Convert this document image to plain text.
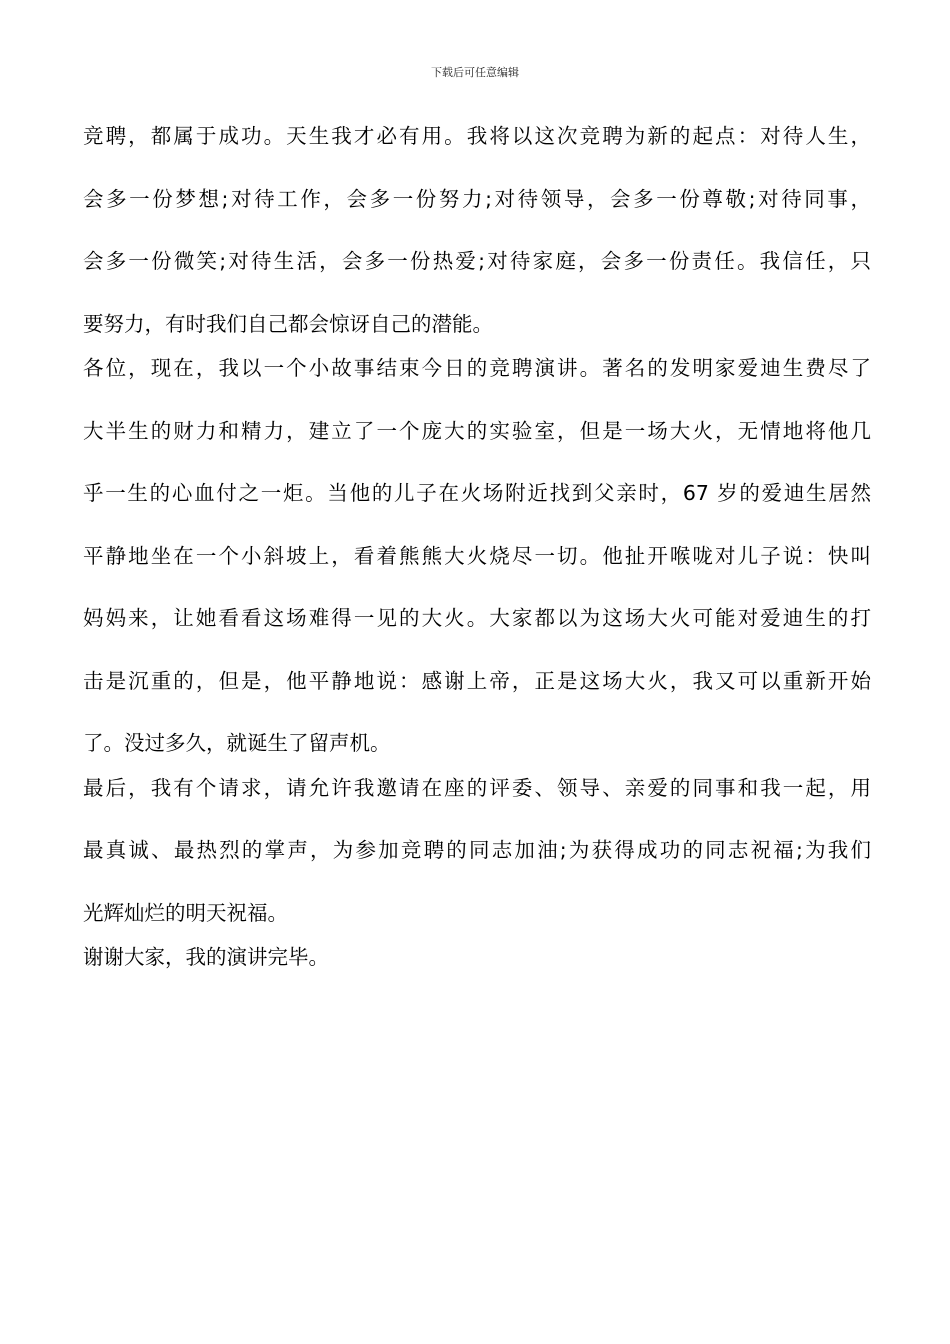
下载后可任意编辑
竞聘，都属于成功。天生我才必有用。我将以这次竞聘为新的起点：对待人生，
会多一份梦想;对待工作，会多一份努力;对待领导，会多一份尊敬;对待同事，
会多一份微笑;对待生活，会多一份热爱;对待家庭，会多一份责任。我信任，只
要努力，有时我们自己都会惊讶自己的潜能。
各位，现在，我以一个小故事结束今日的竞聘演讲。著名的发明家爱迪生费尽了
大半生的财力和精力，建立了一个庞大的实验室，但是一场大火，无情地将他几
乎一生的心血付之一炬。当他的儿子在火场附近找到父亲时，67 岁的爱迪生居然
平静地坐在一个小斜坡上，看着熊熊大火烧尽一切。他扯开喉咙对儿子说：快叫
妈妈来，让她看看这场难得一见的大火。大家都以为这场大火可能对爱迪生的打
击是沉重的，但是，他平静地说：感谢上帝，正是这场大火，我又可以重新开始
了。没过多久，就诞生了留声机。
最后，我有个请求，请允许我邀请在座的评委、领导、亲爱的同事和我一起，用
最真诚、最热烈的掌声，为参加竞聘的同志加油;为获得成功的同志祝福;为我们
光辉灿烂的明天祝福。
谢谢大家，我的演讲完毕。
